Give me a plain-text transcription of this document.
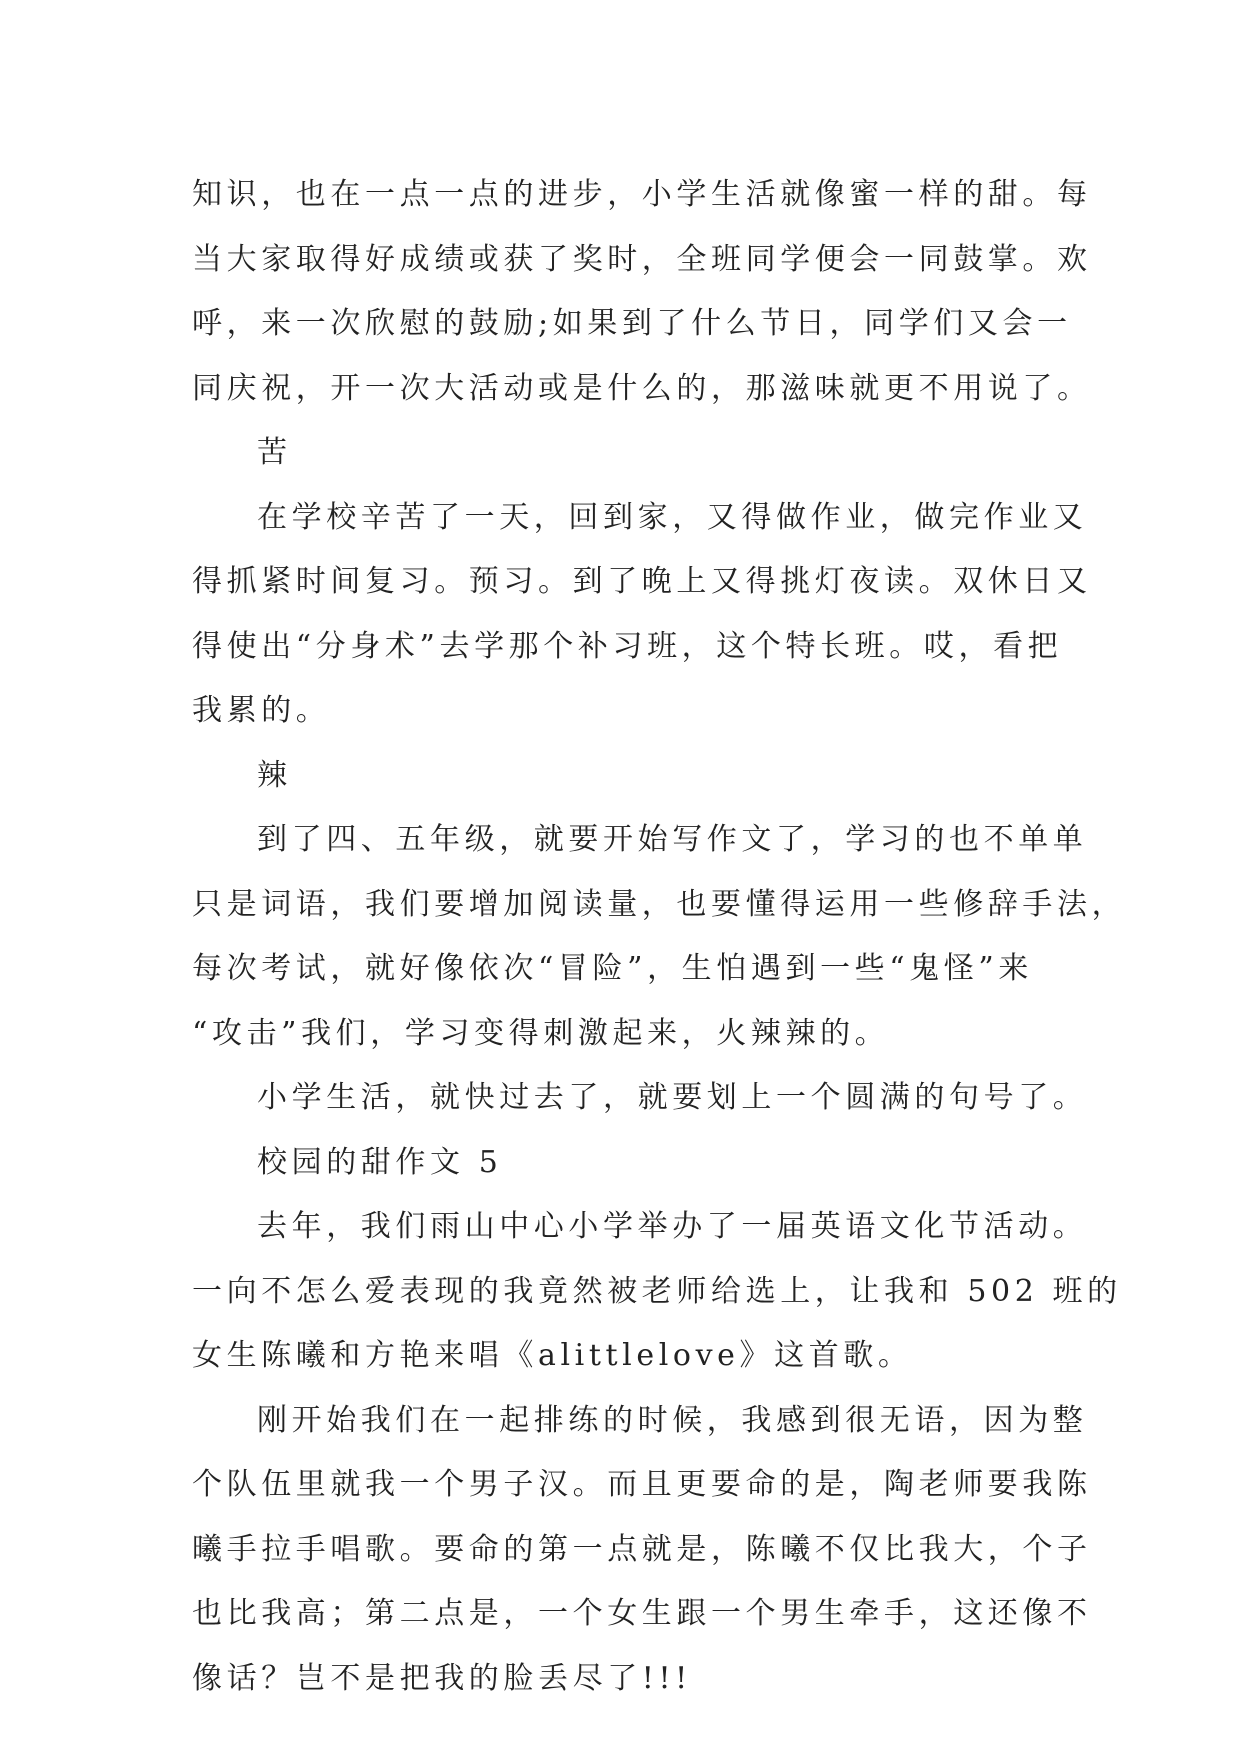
知识，也在一点一点的进步，小学生活就像蜜一样的甜。每

当大家取得好成绩或获了奖时，全班同学便会一同鼓掌。欢

呼，来一次欣慰的鼓励;如果到了什么节日，同学们又会一

同庆祝，开一次大活动或是什么的，那滋味就更不用说了。

苦

在学校辛苦了一天，回到家，又得做作业，做完作业又

得抓紧时间复习。预习。到了晚上又得挑灯夜读。双休日又

得使出“分身术”去学那个补习班，这个特长班。哎，看把

我累的。

辣

到了四、五年级，就要开始写作文了，学习的也不单单

只是词语，我们要增加阅读量，也要懂得运用一些修辞手法，

每次考试，就好像依次“冒险”，生怕遇到一些“鬼怪”来

“攻击”我们，学习变得刺激起来，火辣辣的。

小学生活，就快过去了，就要划上一个圆满的句号了。

校园的甜作文 5

去年，我们雨山中心小学举办了一届英语文化节活动。

一向不怎么爱表现的我竟然被老师给选上，让我和 502 班的

女生陈曦和方艳来唱《alittlelove》这首歌。

刚开始我们在一起排练的时候，我感到很无语，因为整

个队伍里就我一个男子汉。而且更要命的是，陶老师要我陈

曦手拉手唱歌。要命的第一点就是，陈曦不仅比我大，个子

也比我高；第二点是，一个女生跟一个男生牵手，这还像不

像话？岂不是把我的脸丢尽了!!!
